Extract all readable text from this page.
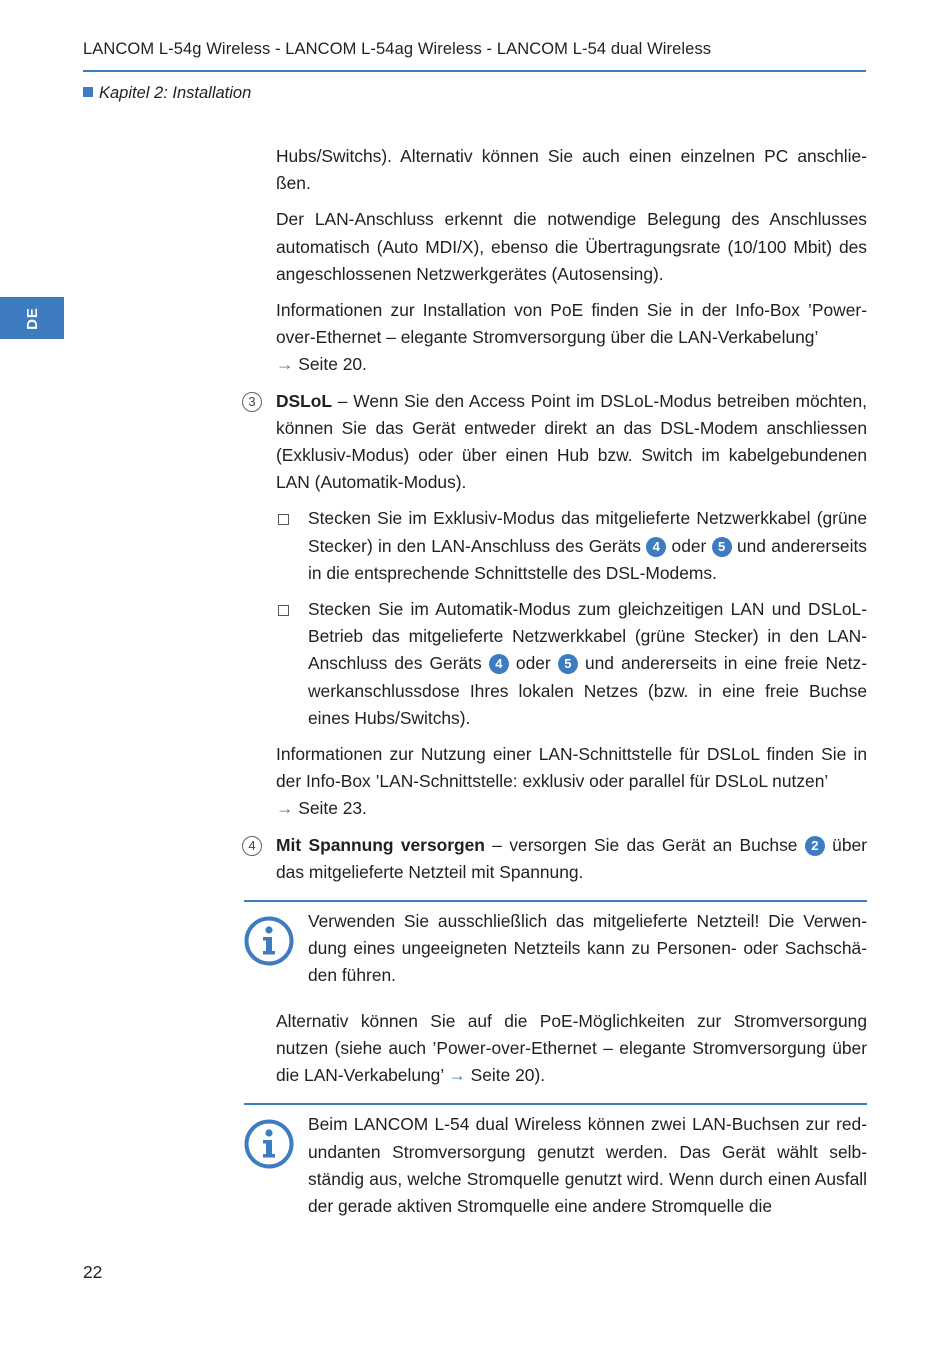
LANCOM L-54g Wireless - LANCOM L-54ag Wireless - LANCOM L-54 dual Wireless
Kapitel 2: Installation
DE

Hubs/Switchs). Alternativ können Sie auch einen einzelnen PC anschlie-ßen.

Der LAN-Anschluss erkennt die notwendige Belegung des Anschlusses automatisch (Auto MDI/X), ebenso die Übertragungsrate (10/100 Mbit) des angeschlossenen Netzwerkgerätes (Autosensing).

Informationen zur Installation von PoE finden Sie in der Info-Box ’Power-over-Ethernet – elegante Stromversorgung über die LAN-Verkabelung’
→ Seite 20.

3	DSLoL – Wenn Sie den Access Point im DSLoL-Modus betreiben möchten, können Sie das Gerät entweder direkt an das DSL-Modem anschliessen (Exklusiv-Modus) oder über einen Hub bzw. Switch im kabelgebundenen LAN (Automatik-Modus).
Stecken Sie im Exklusiv-Modus das mitgelieferte Netzwerkkabel (grüne Stecker) in den LAN-Anschluss des Geräts 4 oder 5 und andererseits in die entsprechende Schnittstelle des DSL-Modems.
Stecken Sie im Automatik-Modus zum gleichzeitigen LAN und DSLoL-Betrieb das mitgelieferte Netzwerkkabel (grüne Stecker) in den LAN-Anschluss des Geräts 4 oder 5 und andererseits in eine freie Netz-werkanschlussdose Ihres lokalen Netzes (bzw. in eine freie Buchse eines Hubs/Switchs).

Informationen zur Nutzung einer LAN-Schnittstelle für DSLoL finden Sie in der Info-Box ’LAN-Schnittstelle: exklusiv oder parallel für DSLoL nutzen’
→ Seite 23.

4	Mit Spannung versorgen – versorgen Sie das Gerät an Buchse 2 über das mitgelieferte Netzteil mit Spannung.
Verwenden Sie ausschließlich das mitgelieferte Netzteil! Die Verwen-dung eines ungeeigneten Netzteils kann zu Personen- oder Sachschä-den führen.

Alternativ können Sie auf die PoE-Möglichkeiten zur Stromversorgung nutzen (siehe auch ’Power-over-Ethernet – elegante Stromversorgung über die LAN-Verkabelung’ → Seite 20).

Beim LANCOM L-54 dual Wireless können zwei LAN-Buchsen zur red-undanten Stromversorgung genutzt werden. Das Gerät wählt selb-ständig aus, welche Stromquelle genutzt wird. Wenn durch einen Ausfall der gerade aktiven Stromquelle eine andere Stromquelle die
22
